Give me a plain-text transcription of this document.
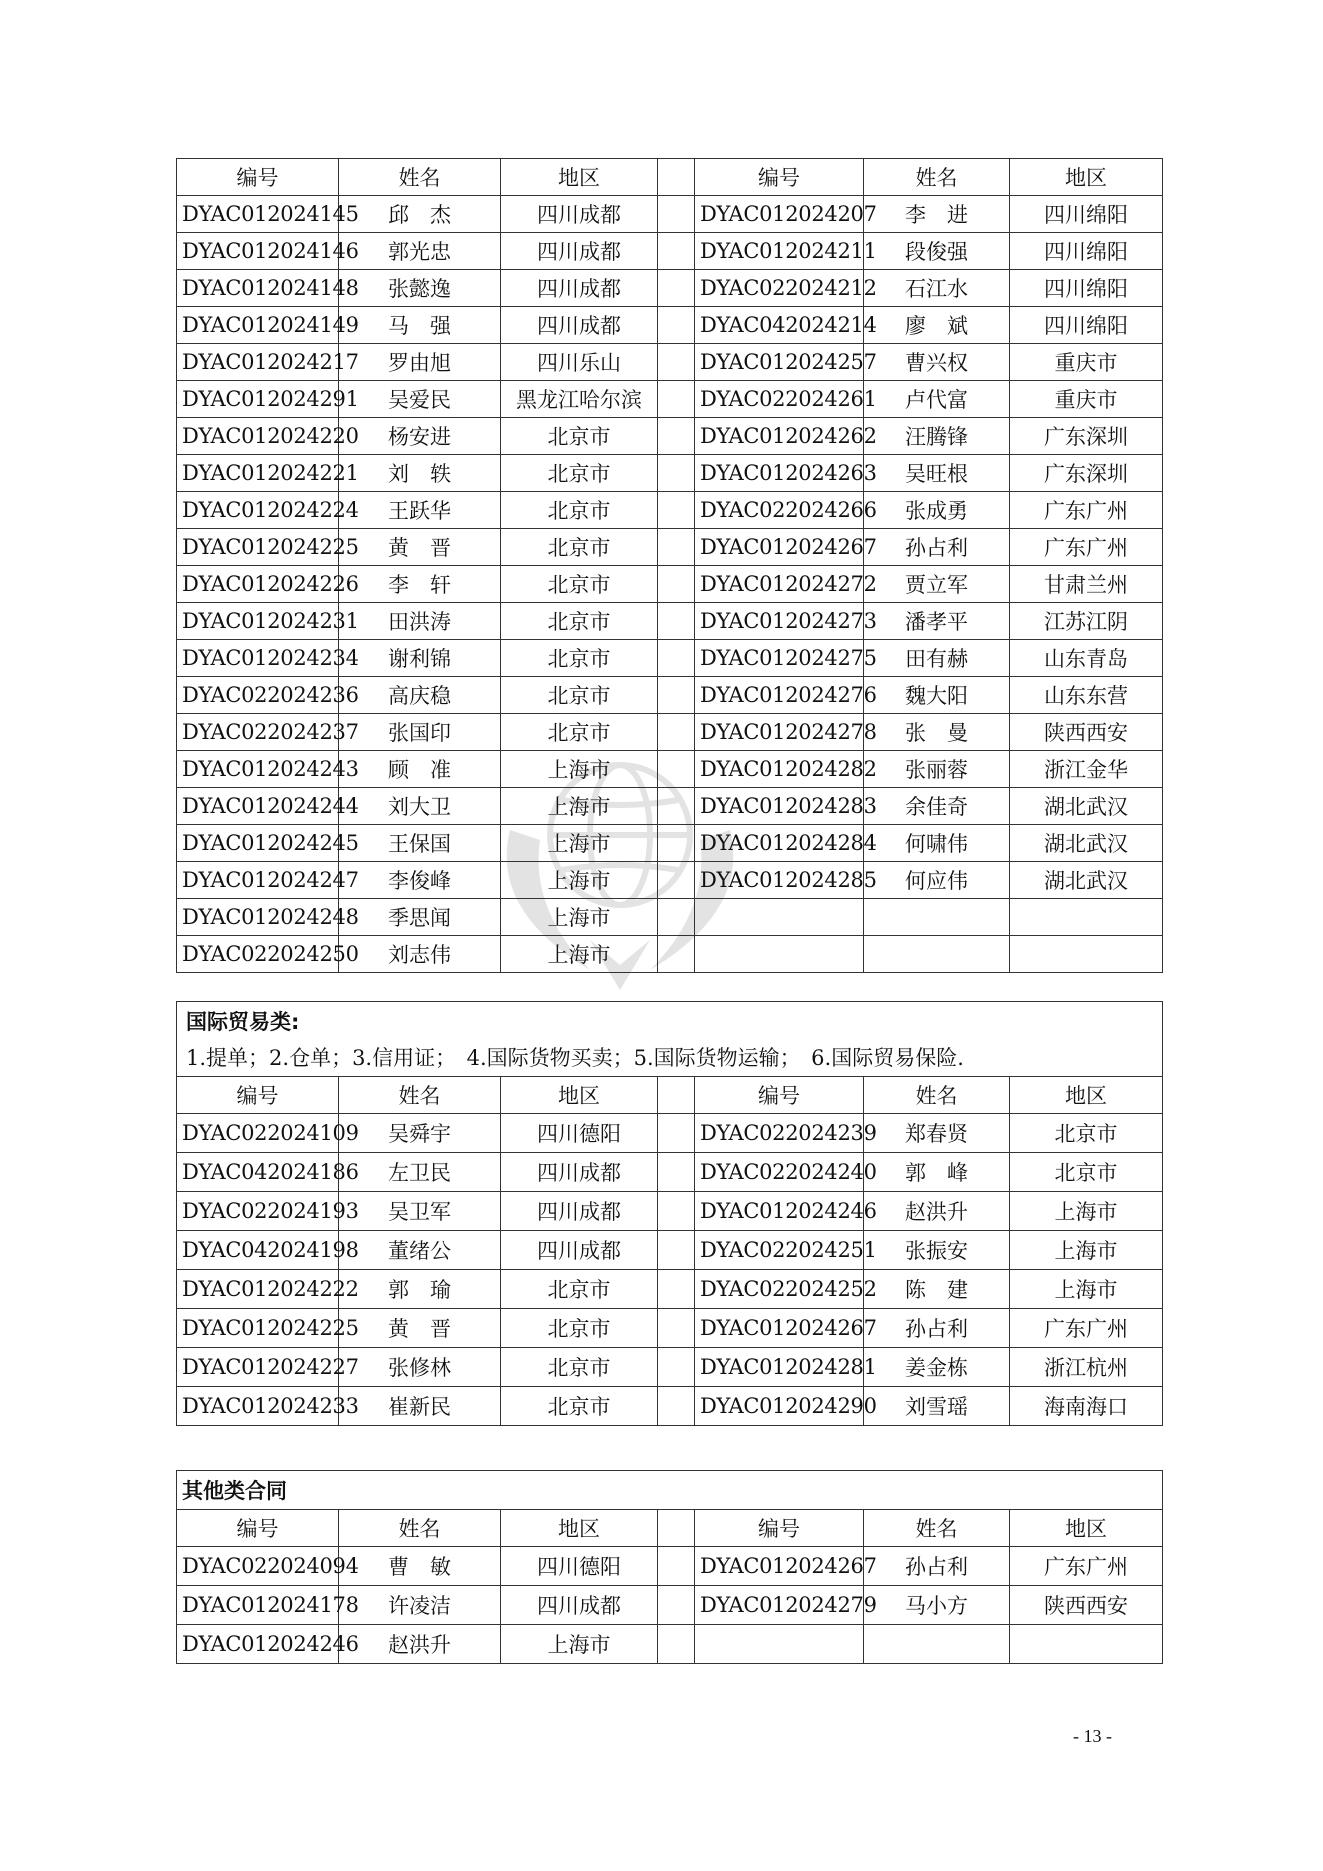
编号	姓名	地区		编号	姓名	地区
DYAC012024145	邱　杰	四川成都		DYAC012024207	李　进	四川绵阳
DYAC012024146	郭光忠	四川成都		DYAC012024211	段俊强	四川绵阳
DYAC012024148	张懿逸	四川成都		DYAC022024212	石江水	四川绵阳
DYAC012024149	马　强	四川成都		DYAC042024214	廖　斌	四川绵阳
DYAC012024217	罗由旭	四川乐山		DYAC012024257	曹兴权	重庆市
DYAC012024291	吴爱民	黑龙江哈尔滨		DYAC022024261	卢代富	重庆市
DYAC012024220	杨安进	北京市		DYAC012024262	汪腾锋	广东深圳
DYAC012024221	刘　轶	北京市		DYAC012024263	吴旺根	广东深圳
DYAC012024224	王跃华	北京市		DYAC022024266	张成勇	广东广州
DYAC012024225	黄　晋	北京市		DYAC012024267	孙占利	广东广州
DYAC012024226	李　轩	北京市		DYAC012024272	贾立军	甘肃兰州
DYAC012024231	田洪涛	北京市		DYAC012024273	潘孝平	江苏江阴
DYAC012024234	谢利锦	北京市		DYAC012024275	田有赫	山东青岛
DYAC022024236	高庆稳	北京市		DYAC012024276	魏大阳	山东东营
DYAC022024237	张国印	北京市		DYAC012024278	张　曼	陕西西安
DYAC012024243	顾　准	上海市		DYAC012024282	张丽蓉	浙江金华
DYAC012024244	刘大卫	上海市		DYAC012024283	余佳奇	湖北武汉
DYAC012024245	王保国	上海市		DYAC012024284	何啸伟	湖北武汉
DYAC012024247	李俊峰	上海市		DYAC012024285	何应伟	湖北武汉
DYAC012024248	季思闻	上海市				
DYAC022024250	刘志伟	上海市				
国际贸易类:
1.提单；2.仓单；3.信用证；　4.国际货物买卖；5.国际货物运输；　6.国际贸易保险.						

编号	姓名	地区		编号	姓名	地区
DYAC022024109	吴舜宇	四川德阳		DYAC022024239	郑春贤	北京市
DYAC042024186	左卫民	四川成都		DYAC022024240	郭　峰	北京市
DYAC022024193	吴卫军	四川成都		DYAC012024246	赵洪升	上海市
DYAC042024198	董绪公	四川成都		DYAC022024251	张振安	上海市
DYAC012024222	郭　瑜	北京市		DYAC022024252	陈　建	上海市
DYAC012024225	黄　晋	北京市		DYAC012024267	孙占利	广东广州
DYAC012024227	张修林	北京市		DYAC012024281	姜金栋	浙江杭州
DYAC012024233	崔新民	北京市		DYAC012024290	刘雪瑶	海南海口
其他类合同						
编号	姓名	地区		编号	姓名	地区
DYAC022024094	曹　敏	四川德阳		DYAC012024267	孙占利	广东广州
DYAC012024178	许凌洁	四川成都		DYAC012024279	马小方	陕西西安
DYAC012024246	赵洪升	上海市				
- 13 -
